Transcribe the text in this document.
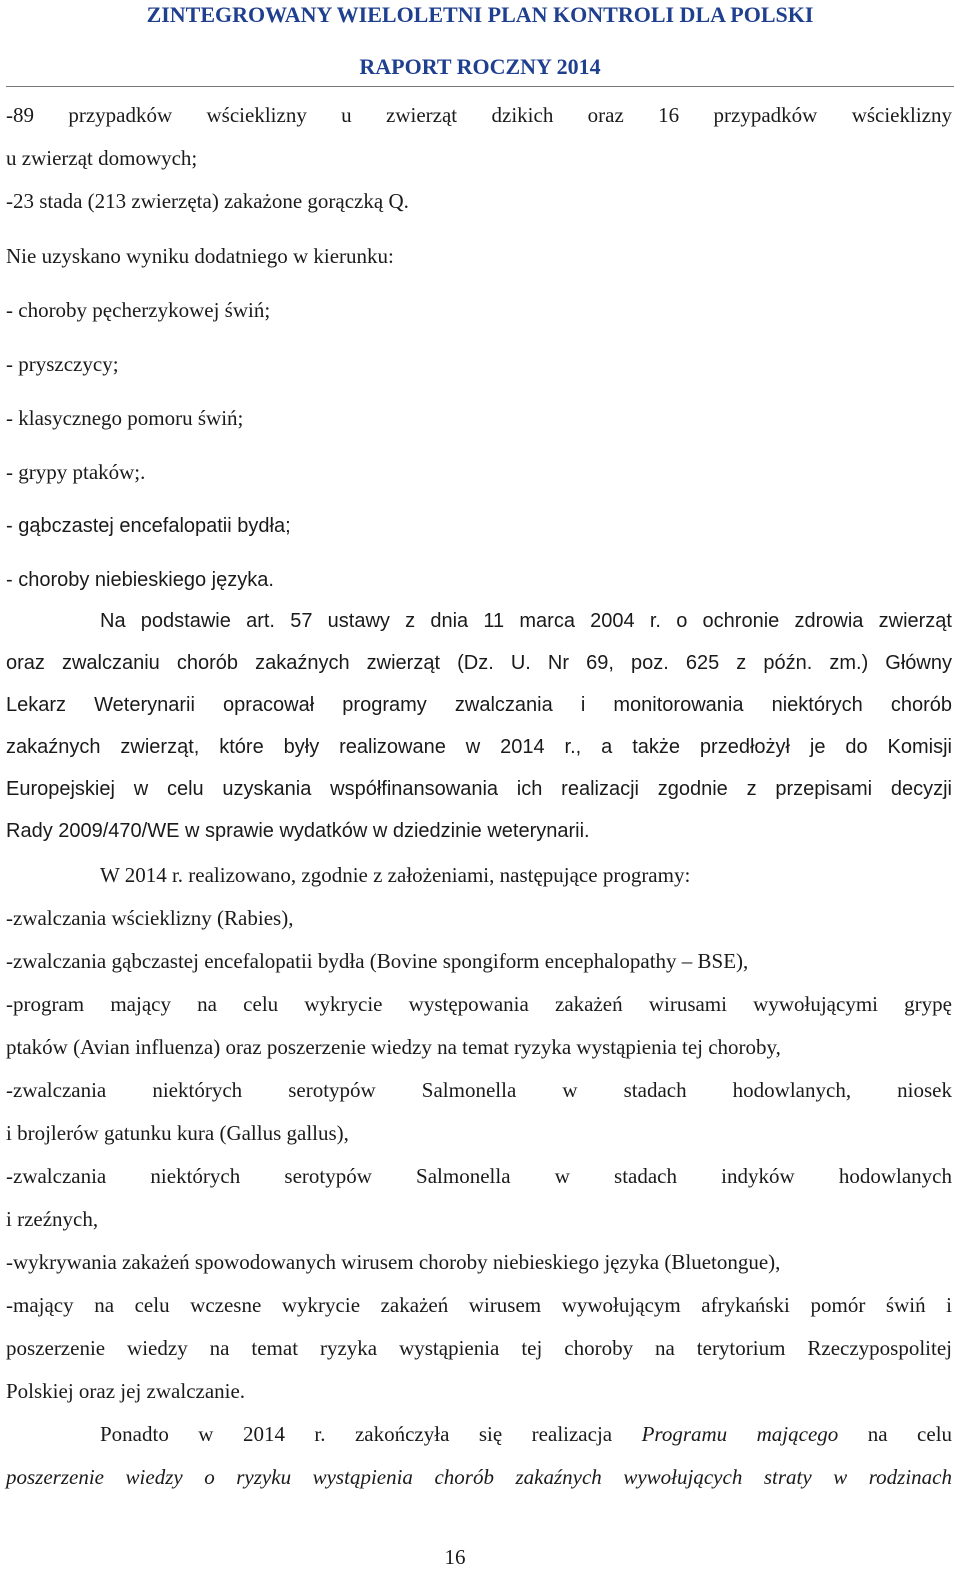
ZINTEGROWANY WIELOLETNI PLAN KONTROLI DLA POLSKI
RAPORT ROCZNY 2014
-89 przypadków wścieklizny u zwierząt dzikich oraz 16 przypadków wścieklizny
u zwierząt domowych;
-23 stada (213 zwierzęta) zakażone gorączką Q.
Nie uzyskano wyniku dodatniego w kierunku:
- choroby pęcherzykowej świń;
- pryszczycy;
- klasycznego pomoru świń;
- grypy ptaków;.
- gąbczastej encefalopatii bydła;
- choroby niebieskiego języka.
Na podstawie art. 57 ustawy z dnia 11 marca 2004 r. o ochronie zdrowia zwierząt
oraz zwalczaniu chorób zakaźnych zwierząt (Dz. U. Nr 69, poz. 625 z późn. zm.) Główny
Lekarz Weterynarii opracował programy zwalczania i monitorowania niektórych chorób
zakaźnych zwierząt, które były realizowane w 2014 r., a także przedłożył je do Komisji
Europejskiej w celu uzyskania współfinansowania ich realizacji zgodnie z przepisami decyzji
Rady 2009/470/WE w sprawie wydatków w dziedzinie weterynarii.
W 2014 r. realizowano, zgodnie z założeniami, następujące programy:
-zwalczania wścieklizny (Rabies),
-zwalczania gąbczastej encefalopatii bydła (Bovine spongiform encephalopathy – BSE),
-program mający na celu wykrycie występowania zakażeń wirusami wywołującymi grypę
ptaków (Avian influenza) oraz poszerzenie wiedzy na temat ryzyka wystąpienia tej choroby,
-zwalczania niektórych serotypów Salmonella w stadach hodowlanych, niosek
i brojlerów gatunku kura (Gallus gallus),
-zwalczania niektórych serotypów Salmonella w stadach indyków hodowlanych
i rzeźnych,
-wykrywania zakażeń spowodowanych wirusem choroby niebieskiego języka (Bluetongue),
-mający na celu wczesne wykrycie zakażeń wirusem wywołującym afrykański pomór świń i
poszerzenie wiedzy na temat ryzyka wystąpienia tej choroby na terytorium Rzeczypospolitej
Polskiej oraz jej zwalczanie.
Ponadto w 2014 r. zakończyła się realizacja Programu mającego na celu
poszerzenie wiedzy o ryzyku wystąpienia chorób zakaźnych wywołujących straty w rodzinach
16
